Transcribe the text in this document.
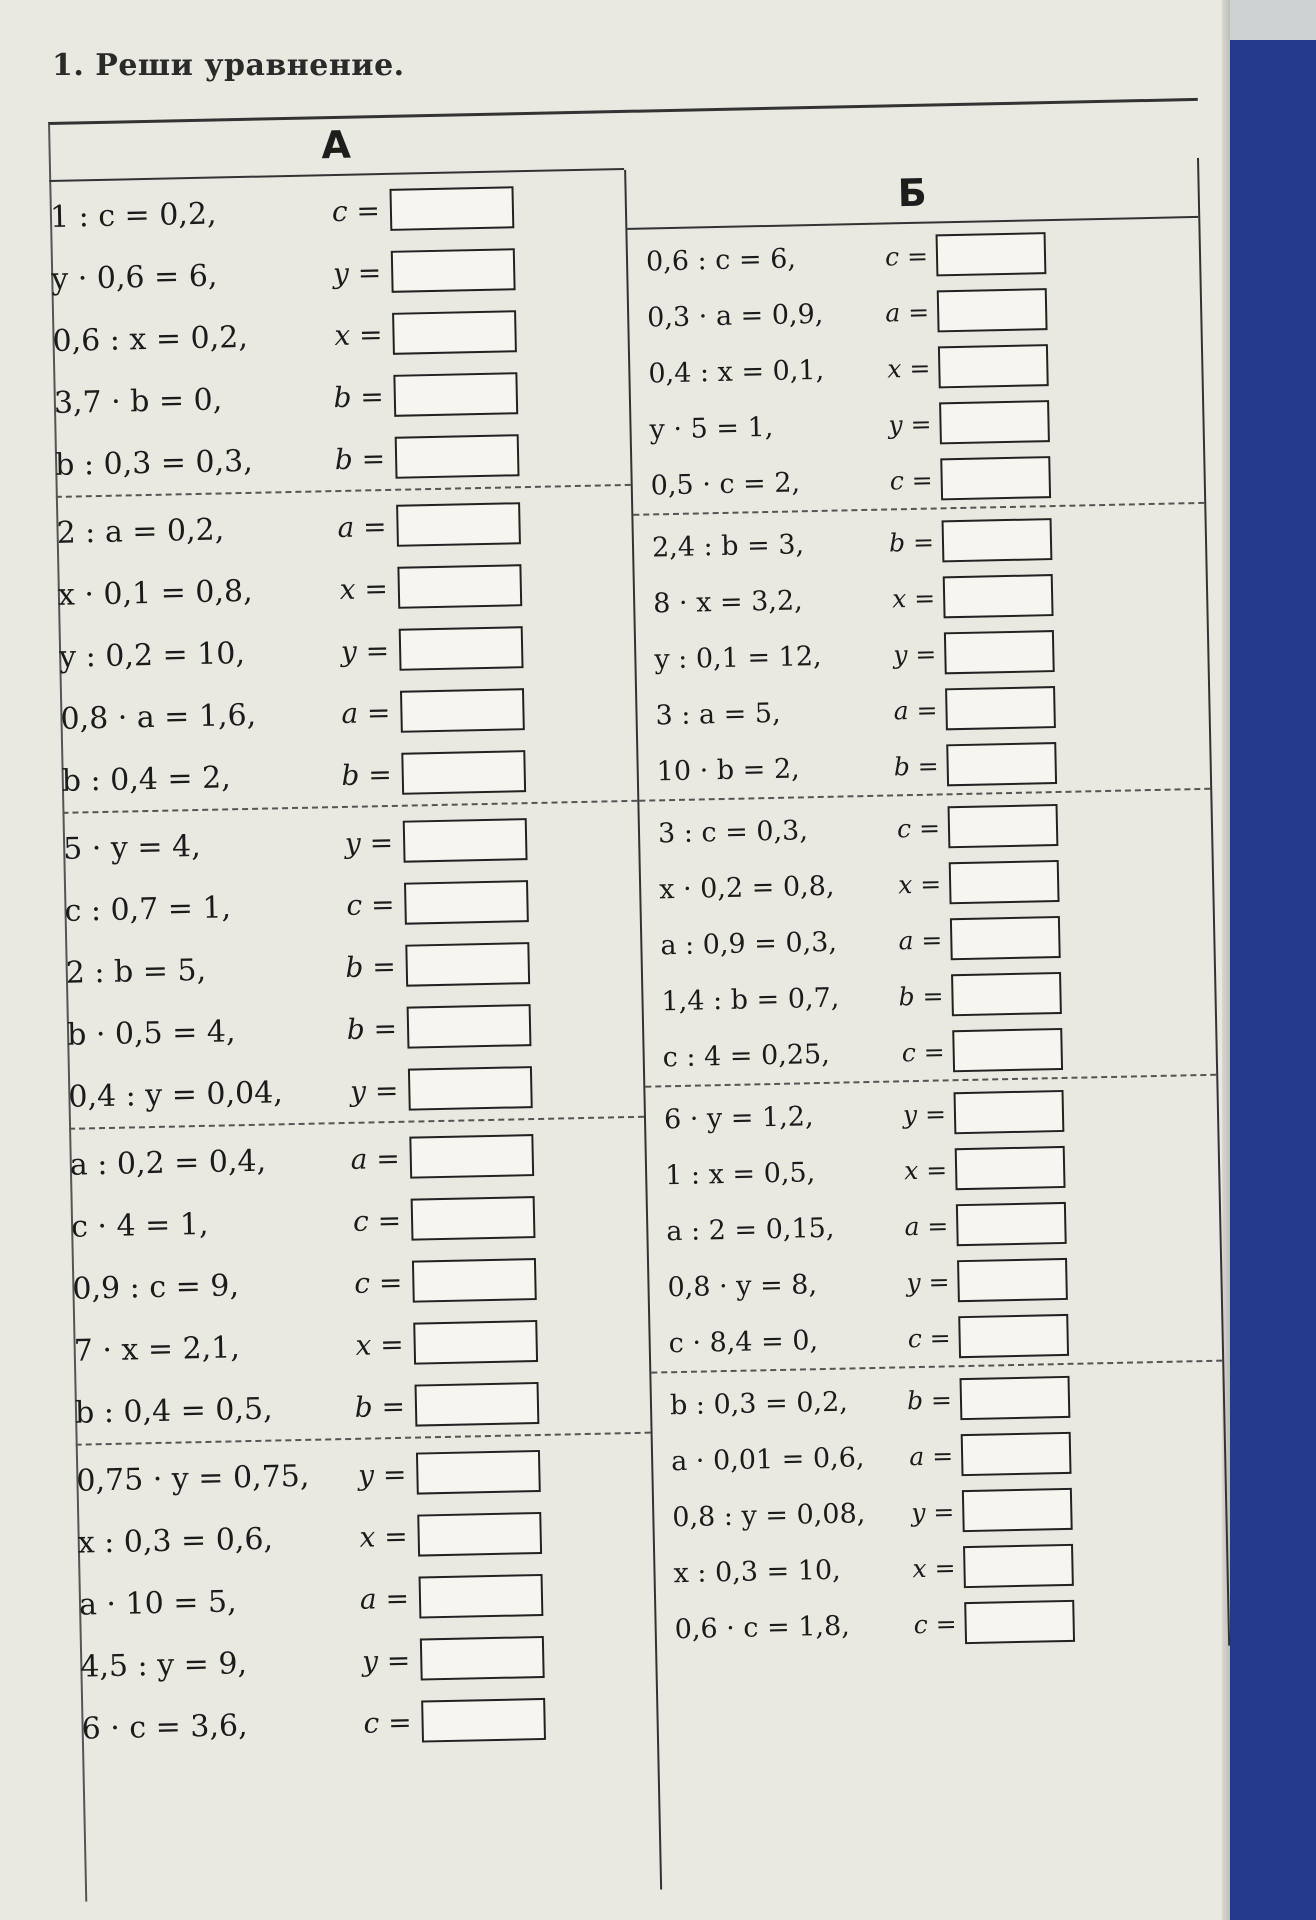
1. Реши уравнение.
А
1 : c = 0,2,	c =
y · 0,6 = 6,	y =
0,6 : x = 0,2,	x =
3,7 · b = 0,	b =
b : 0,3 = 0,3,	b =
2 : a = 0,2,	a =
x · 0,1 = 0,8,	x =
y : 0,2 = 10,	y =
0,8 · a = 1,6,	a =
b : 0,4 = 2,	b =
5 · y = 4,	y =
c : 0,7 = 1,	c =
2 : b = 5,	b =
b · 0,5 = 4,	b =
0,4 : y = 0,04,	y =
a : 0,2 = 0,4,	a =
c · 4 = 1,	c =
0,9 : c = 9,	c =
7 · x = 2,1,	x =
b : 0,4 = 0,5,	b =
0,75 · y = 0,75,	y =
x : 0,3 = 0,6,	x =
a · 10 = 5,	a =
4,5 : y = 9,	y =
6 · c = 3,6,	c =
Б
0,6 : c = 6,	c =
0,3 · a = 0,9,	a =
0,4 : x = 0,1,	x =
y · 5 = 1,	y =
0,5 · c = 2,	c =
2,4 : b = 3,	b =
8 · x = 3,2,	x =
y : 0,1 = 12,	y =
3 : a = 5,	a =
10 · b = 2,	b =
3 : c = 0,3,	c =
x · 0,2 = 0,8,	x =
a : 0,9 = 0,3,	a =
1,4 : b = 0,7,	b =
c : 4 = 0,25,	c =
6 · y = 1,2,	y =
1 : x = 0,5,	x =
a : 2 = 0,15,	a =
0,8 · y = 8,	y =
c · 8,4 = 0,	c =
b : 0,3 = 0,2,	b =
a · 0,01 = 0,6,	a =
0,8 : y = 0,08,	y =
x : 0,3 = 10,	x =
0,6 · c = 1,8,	c =
